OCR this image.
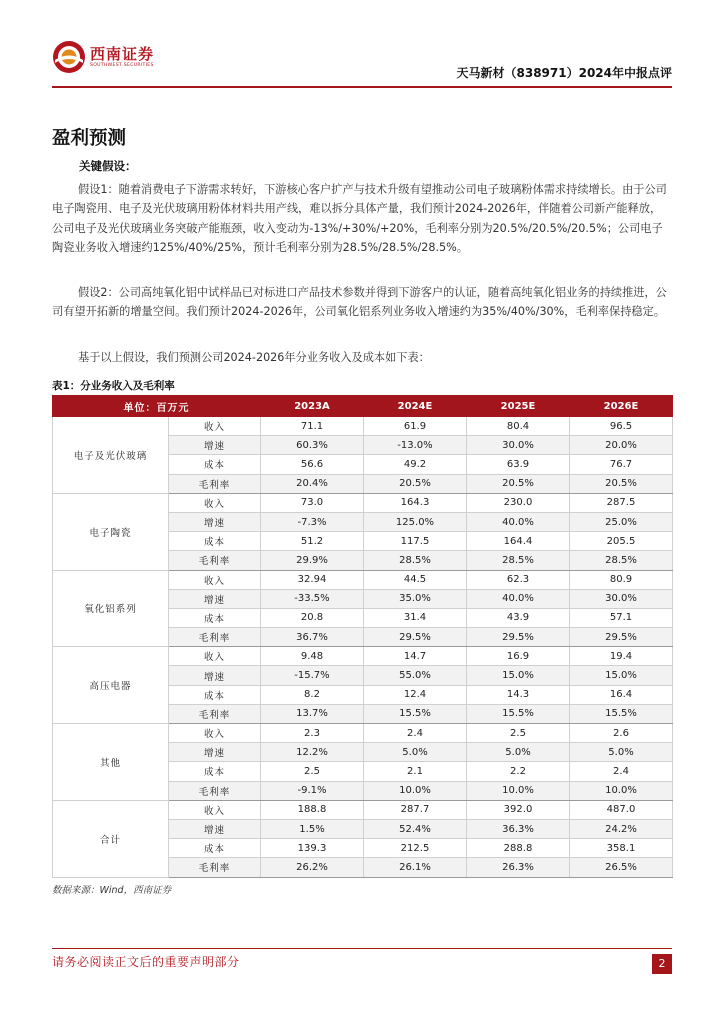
西南证券
SOUTHWEST SECURITIES
天马新材（838971）2024年中报点评
盈利预测
关键假设：
假设1：随着消费电子下游需求转好，下游核心客户扩产与技术升级有望推动公司电子玻璃粉体需求持续增长。由于公司电子陶瓷用、电子及光伏玻璃用粉体材料共用产线，难以拆分具体产量，我们预计2024-2026年，伴随着公司新产能释放，公司电子及光伏玻璃业务突破产能瓶颈，收入变动为-13%/+30%/+20%，毛利率分别为20.5%/20.5%/20.5%；公司电子陶瓷业务收入增速约125%/40%/25%，预计毛利率分别为28.5%/28.5%/28.5%。
假设2：公司高纯氧化铝中试样品已对标进口产品技术参数并得到下游客户的认证，随着高纯氧化铝业务的持续推进，公司有望开拓新的增量空间。我们预计2024-2026年，公司氧化铝系列业务收入增速约为35%/40%/30%，毛利率保持稳定。
基于以上假设，我们预测公司2024-2026年分业务收入及成本如下表：
表1：分业务收入及毛利率
单位：百万元		2023A	2024E	2025E	2026E
电子及光伏玻璃	收入	71.1	61.9	80.4	96.5
	增速	60.3%	-13.0%	30.0%	20.0%
	成本	56.6	49.2	63.9	76.7
	毛利率	20.4%	20.5%	20.5%	20.5%
电子陶瓷	收入	73.0	164.3	230.0	287.5
	增速	-7.3%	125.0%	40.0%	25.0%
	成本	51.2	117.5	164.4	205.5
	毛利率	29.9%	28.5%	28.5%	28.5%
氧化铝系列	收入	32.94	44.5	62.3	80.9
	增速	-33.5%	35.0%	40.0%	30.0%
	成本	20.8	31.4	43.9	57.1
	毛利率	36.7%	29.5%	29.5%	29.5%
高压电器	收入	9.48	14.7	16.9	19.4
	增速	-15.7%	55.0%	15.0%	15.0%
	成本	8.2	12.4	14.3	16.4
	毛利率	13.7%	15.5%	15.5%	15.5%
其他	收入	2.3	2.4	2.5	2.6
	增速	12.2%	5.0%	5.0%	5.0%
	成本	2.5	2.1	2.2	2.4
	毛利率	-9.1%	10.0%	10.0%	10.0%
合计	收入	188.8	287.7	392.0	487.0
	增速	1.5%	52.4%	36.3%	24.2%
	成本	139.3	212.5	288.8	358.1
	毛利率	26.2%	26.1%	26.3%	26.5%
数据来源：Wind，西南证券
请务必阅读正文后的重要声明部分	2
